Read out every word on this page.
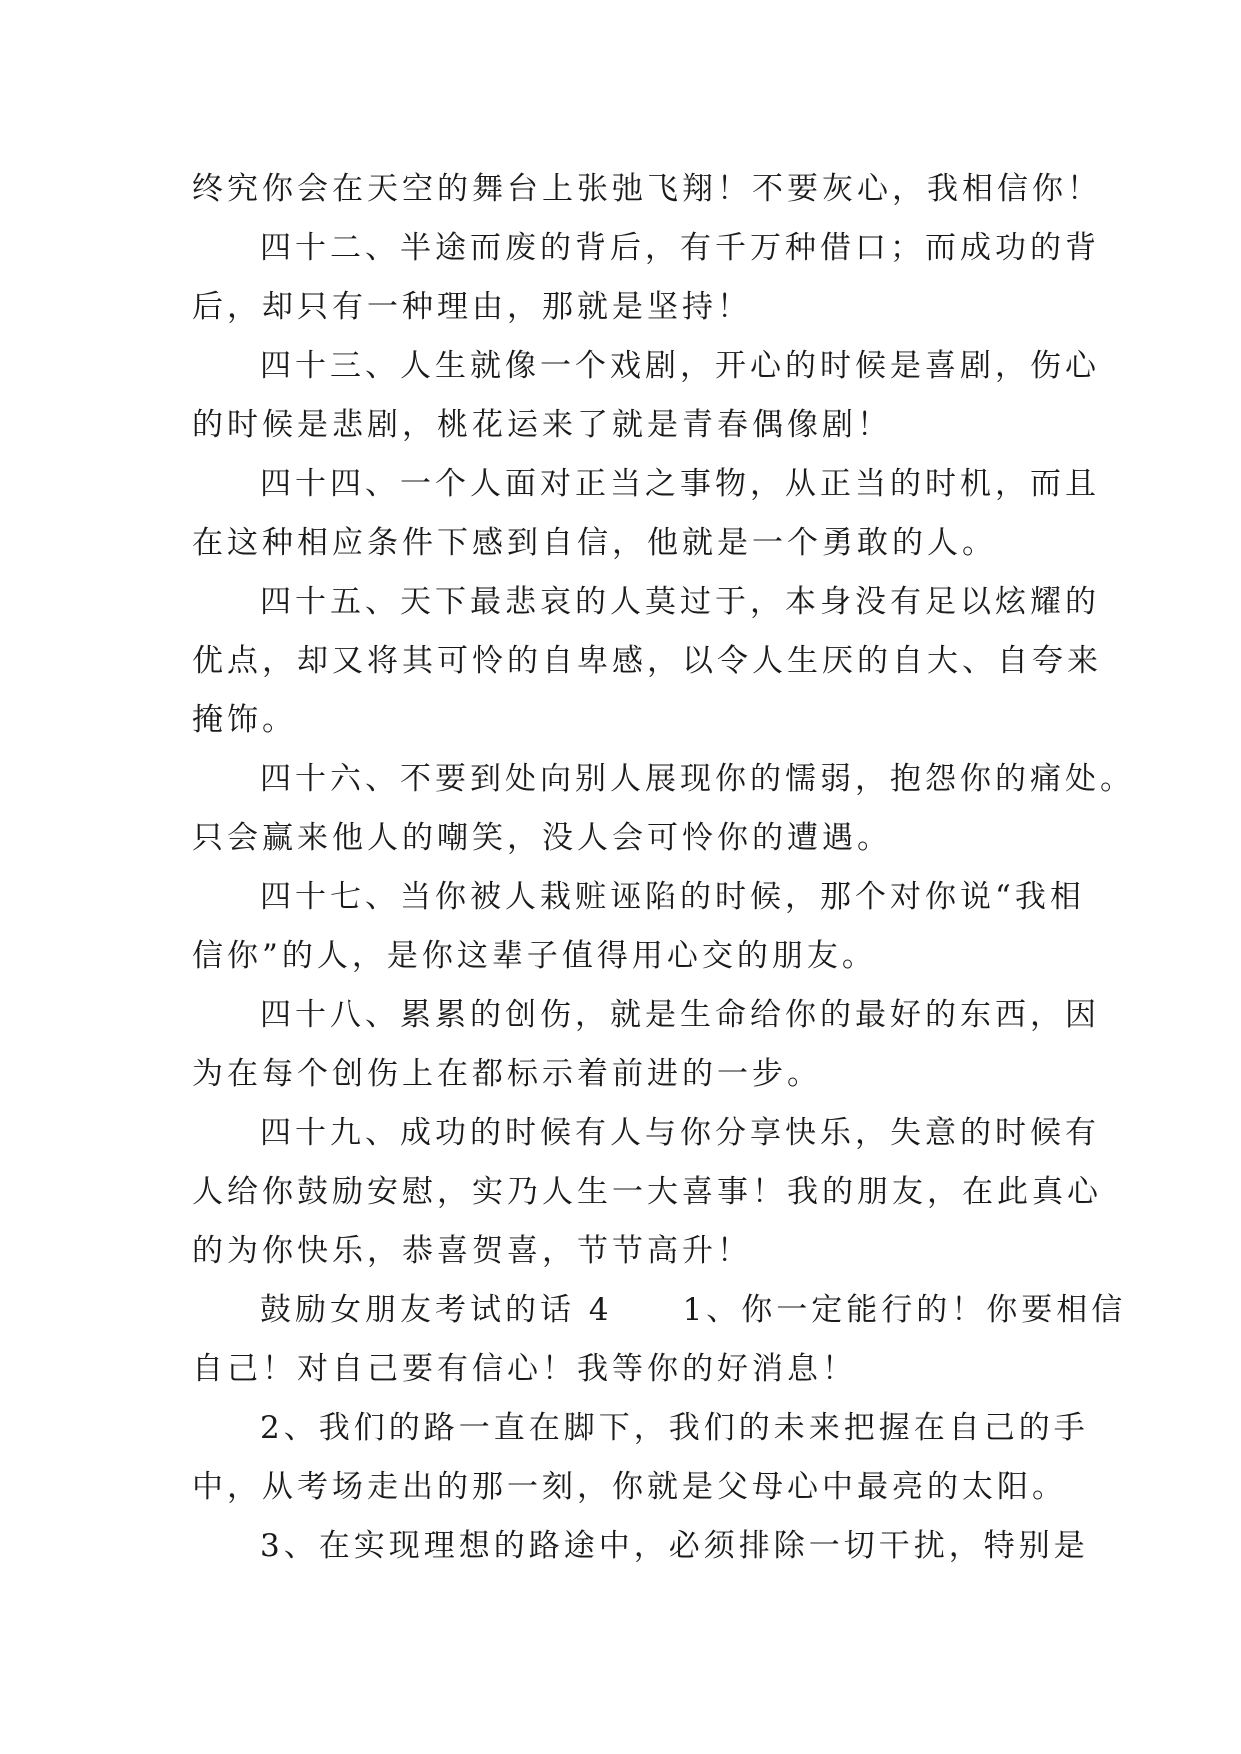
终究你会在天空的舞台上张弛飞翔！不要灰心，我相信你！
四十二、半途而废的背后，有千万种借口；而成功的背
后，却只有一种理由，那就是坚持！
四十三、人生就像一个戏剧，开心的时候是喜剧，伤心
的时候是悲剧，桃花运来了就是青春偶像剧！
四十四、一个人面对正当之事物，从正当的时机，而且
在这种相应条件下感到自信，他就是一个勇敢的人。
四十五、天下最悲哀的人莫过于，本身没有足以炫耀的
优点，却又将其可怜的自卑感，以令人生厌的自大、自夸来
掩饰。
四十六、不要到处向别人展现你的懦弱，抱怨你的痛处。
只会赢来他人的嘲笑，没人会可怜你的遭遇。
四十七、当你被人栽赃诬陷的时候，那个对你说“我相
信你”的人，是你这辈子值得用心交的朋友。
四十八、累累的创伤，就是生命给你的最好的东西，因
为在每个创伤上在都标示着前进的一步。
四十九、成功的时候有人与你分享快乐，失意的时候有
人给你鼓励安慰，实乃人生一大喜事！我的朋友，在此真心
的为你快乐，恭喜贺喜，节节高升！
鼓励女朋友考试的话 4　　1、你一定能行的！你要相信
自己！对自己要有信心！我等你的好消息！
2、我们的路一直在脚下，我们的未来把握在自己的手
中，从考场走出的那一刻，你就是父母心中最亮的太阳。
3、在实现理想的路途中，必须排除一切干扰，特别是
